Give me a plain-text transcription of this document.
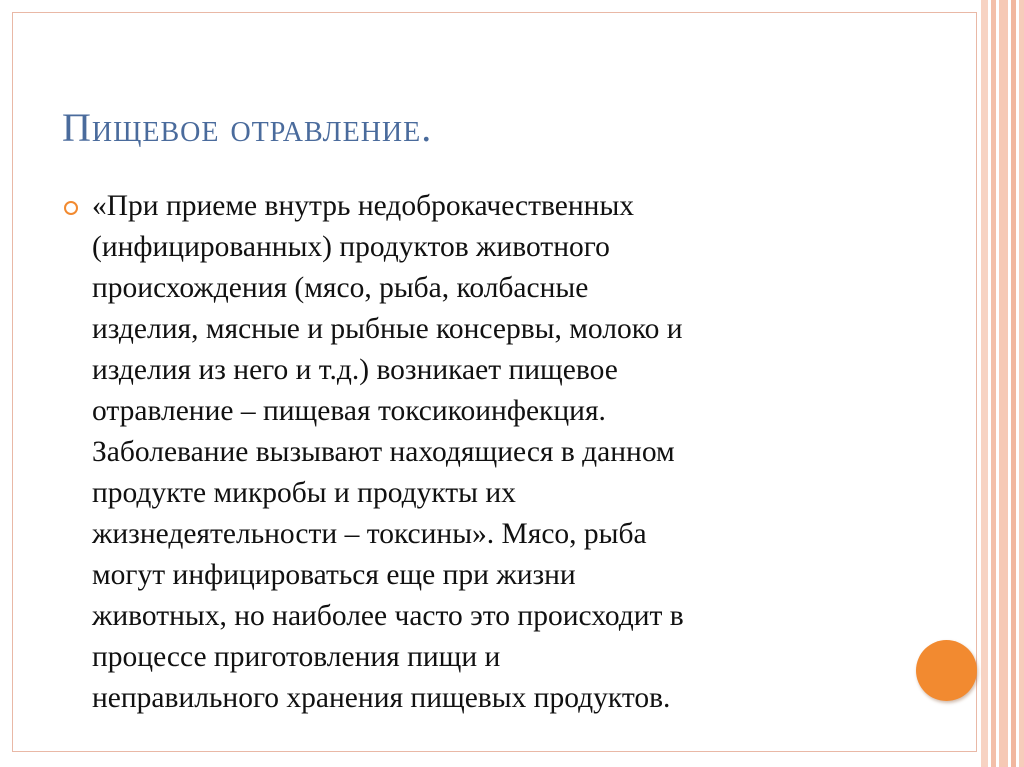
Пищевое отравление.

«При приеме внутрь недоброкачественных
(инфицированных) продуктов животного
происхождения (мясо, рыба, колбасные
изделия, мясные и рыбные консервы, молоко и
изделия из него и т.д.) возникает пищевое
отравление – пищевая токсикоинфекция.
Заболевание вызывают находящиеся в данном
продукте микробы и продукты их
жизнедеятельности – токсины». Мясо, рыба
могут инфицироваться еще при жизни
животных, но наиболее часто это происходит в
процессе приготовления пищи и
неправильного хранения пищевых продуктов.
